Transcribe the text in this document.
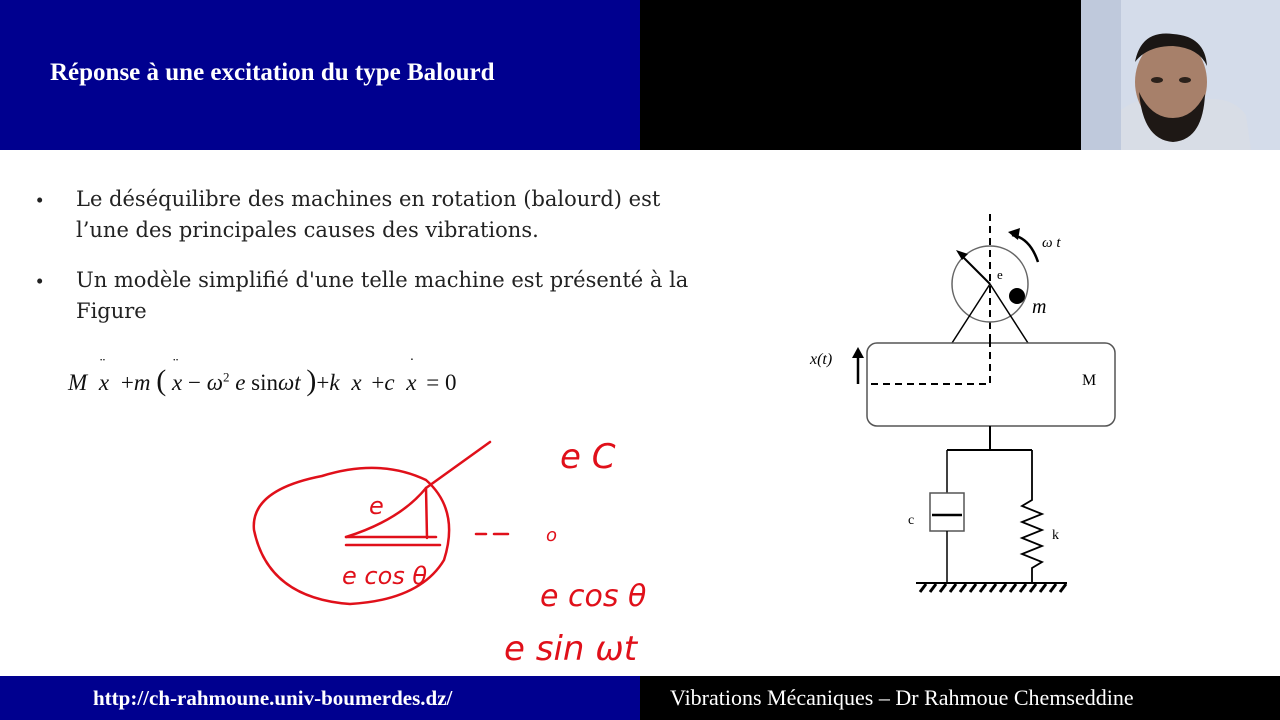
Réponse à une excitation du type Balourd
• Le déséquilibre des machines en rotation (balourd) est l’une des principales causes des vibrations.
• Un modèle simplifié d'une telle machine est présenté à la Figure
M
¨
x +m ( ¨
$x - \omega^2$ e sinωt )+k x +c
˙
x = 0
ω t
e
m
M
x(t)
c
k
e C
e
e cos θ
o
e cos θ
e sin ωt
http://ch-rahmoune.univ-boumerdes.dz/	Vibrations Mécaniques – Dr Rahmoue Chemseddine
